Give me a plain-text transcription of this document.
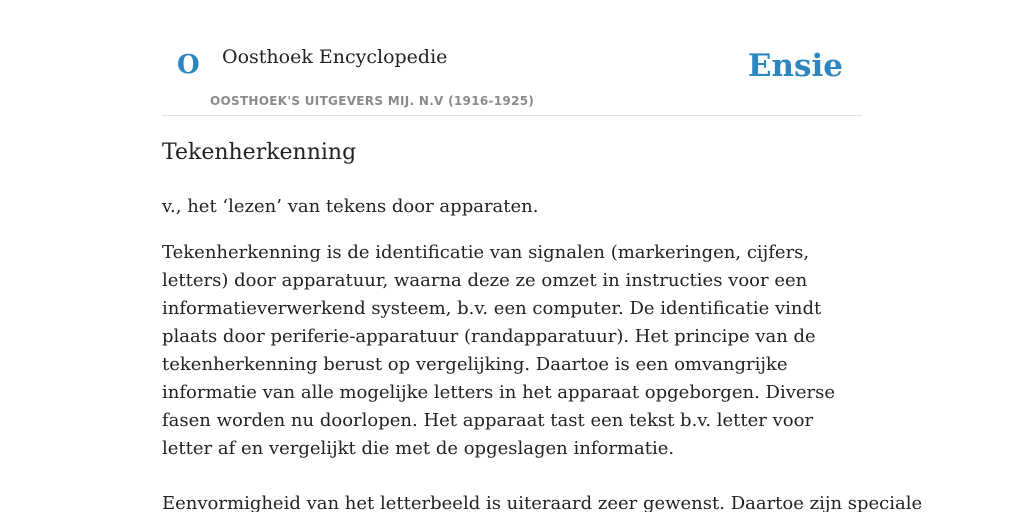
O Oosthoek Encyclopedie
OOSTHOEK'S UITGEVERS MIJ. N.V (1916-1925)
Ensie
Tekenherkenning

v., het ‘lezen’ van tekens door apparaten.

Tekenherkenning is de identificatie van signalen (markeringen, cijfers, letters) door apparatuur, waarna deze ze omzet in instructies voor een informatieverwerkend systeem, b.v. een computer. De identificatie vindt plaats door periferie-apparatuur (randapparatuur). Het principe van de tekenherkenning berust op vergelijking. Daartoe is een omvangrijke informatie van alle mogelijke letters in het apparaat opgeborgen. Diverse fasen worden nu doorlopen. Het apparaat tast een tekst b.v. letter voor letter af en vergelijkt die met de opgeslagen informatie.

Eenvormigheid van het letterbeeld is uiteraard zeer gewenst. Daartoe zijn speciale
